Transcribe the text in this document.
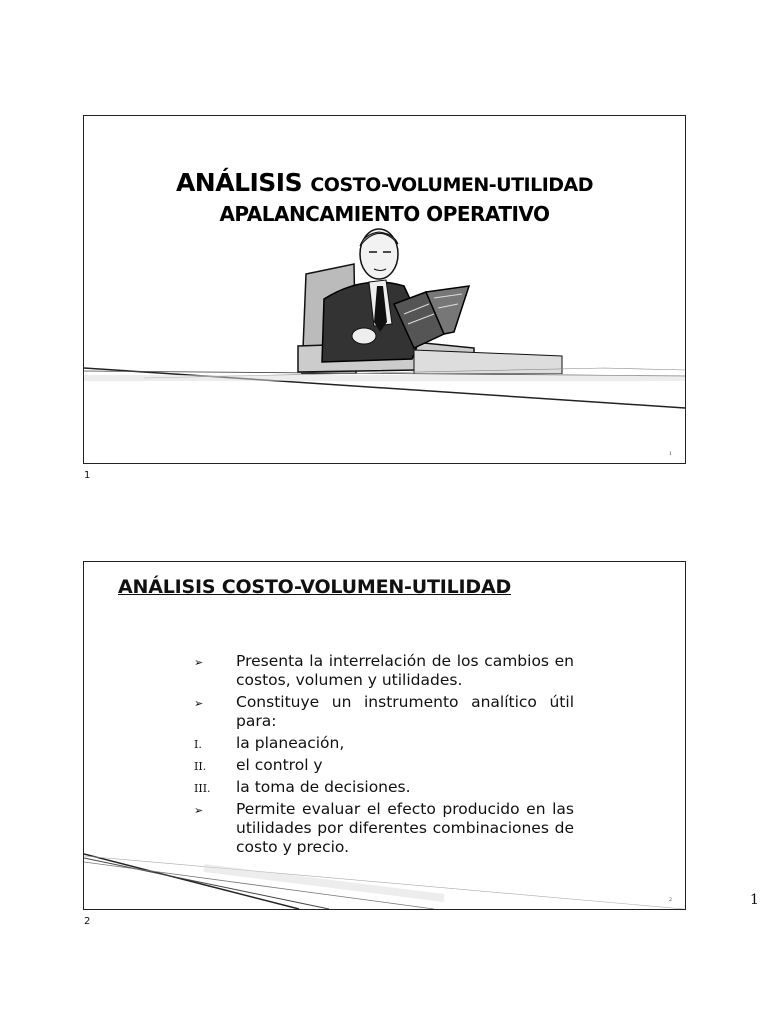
ANÁLISIS COSTO-VOLUMEN-UTILIDAD
APALANCAMIENTO OPERATIVO
1
1
ANÁLISIS COSTO-VOLUMEN-UTILIDAD
➢	Presenta la interrelación de los cambios en costos, volumen y utilidades.
➢	Constituye un instrumento analítico útil para:
I.	la planeación,
II.	el control y
III.	la toma de decisiones.
➢	Permite evaluar el efecto producido en las utilidades por diferentes combinaciones de costo y precio.
2
2
1
